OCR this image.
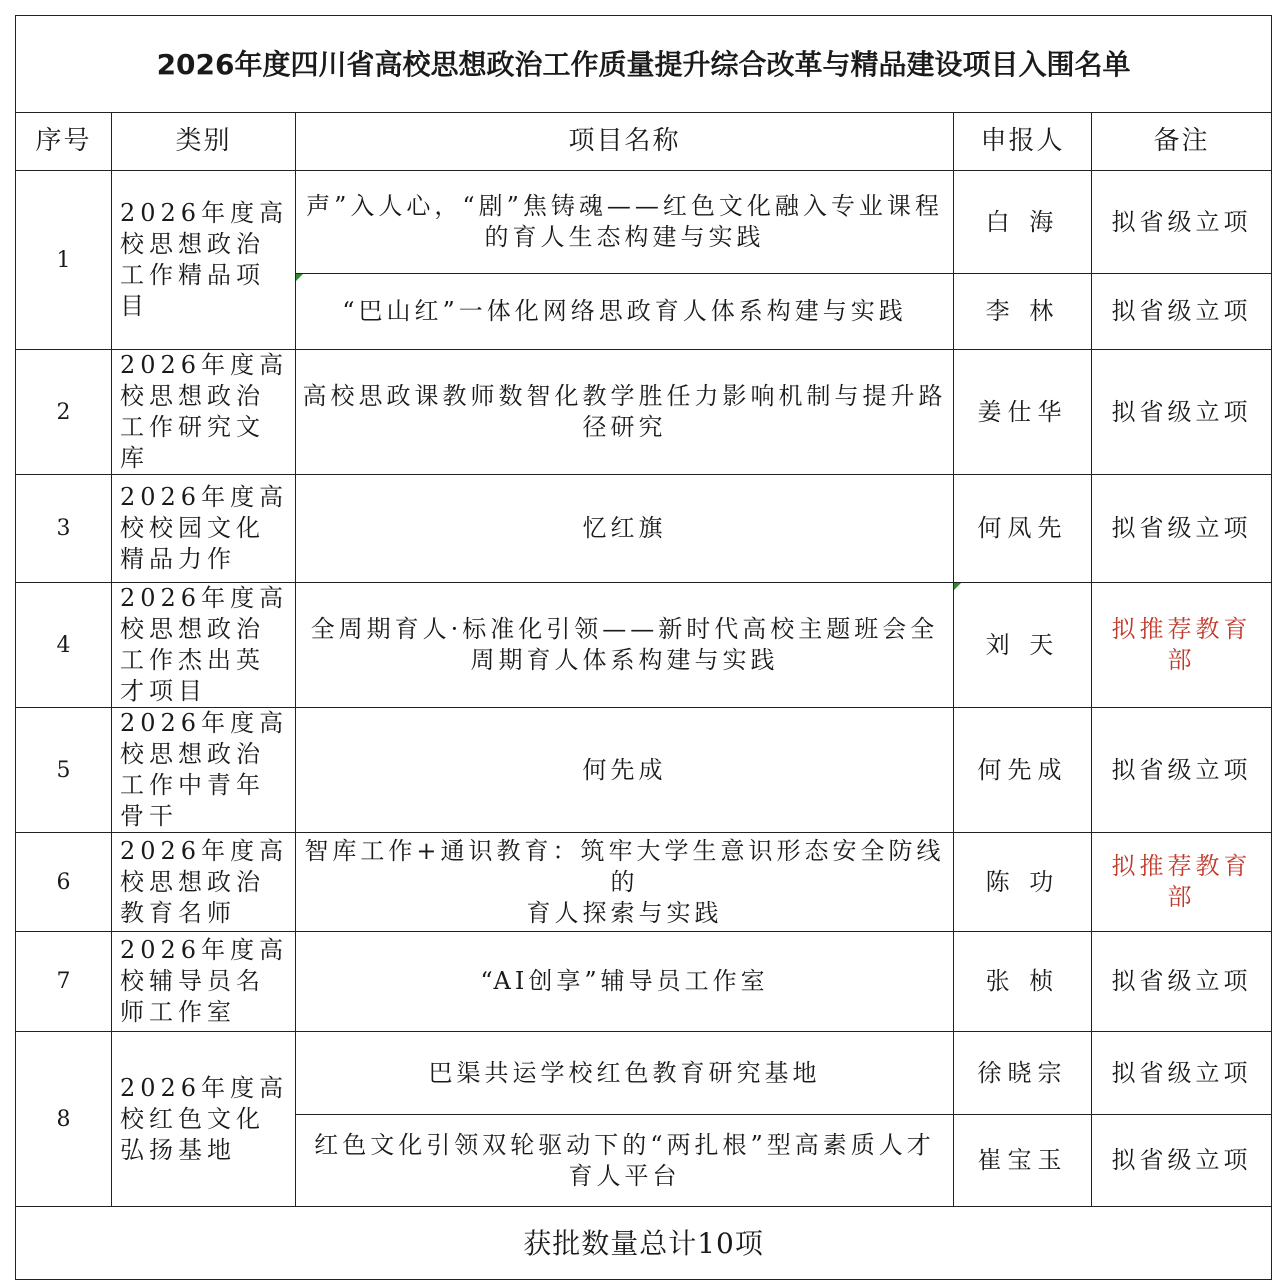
2026年度四川省高校思想政治工作质量提升综合改革与精品建设项目入围名单				
序号	类别	项目名称	申报人	备注
1	2026年度高校思想政治工作精品项目	声”入人心，“剧”焦铸魂——红色文化融入专业课程的育人生态构建与实践	白 海	拟省级立项
		“巴山红”一体化网络思政育人体系构建与实践	李 林	拟省级立项
2	2026年度高校思想政治工作研究文库	高校思政课教师数智化教学胜任力影响机制与提升路径研究	姜仕华	拟省级立项
3	2026年度高校校园文化精品力作	忆红旗	何凤先	拟省级立项
4	2026年度高校思想政治工作杰出英才项目	全周期育人·标准化引领——新时代高校主题班会全周期育人体系构建与实践	刘 天	拟推荐教育部
5	2026年度高校思想政治工作中青年骨干	何先成	何先成	拟省级立项
6	2026年度高校思想政治教育名师	智库工作+通识教育：筑牢大学生意识形态安全防线的
育人探索与实践	陈 功	拟推荐教育部
7	2026年度高校辅导员名师工作室	“AI创享”辅导员工作室	张 桢	拟省级立项
8	2026年度高校红色文化弘扬基地	巴渠共运学校红色教育研究基地	徐晓宗	拟省级立项
		红色文化引领双轮驱动下的“两扎根”型高素质人才育人平台	崔宝玉	拟省级立项
获批数量总计10项				
